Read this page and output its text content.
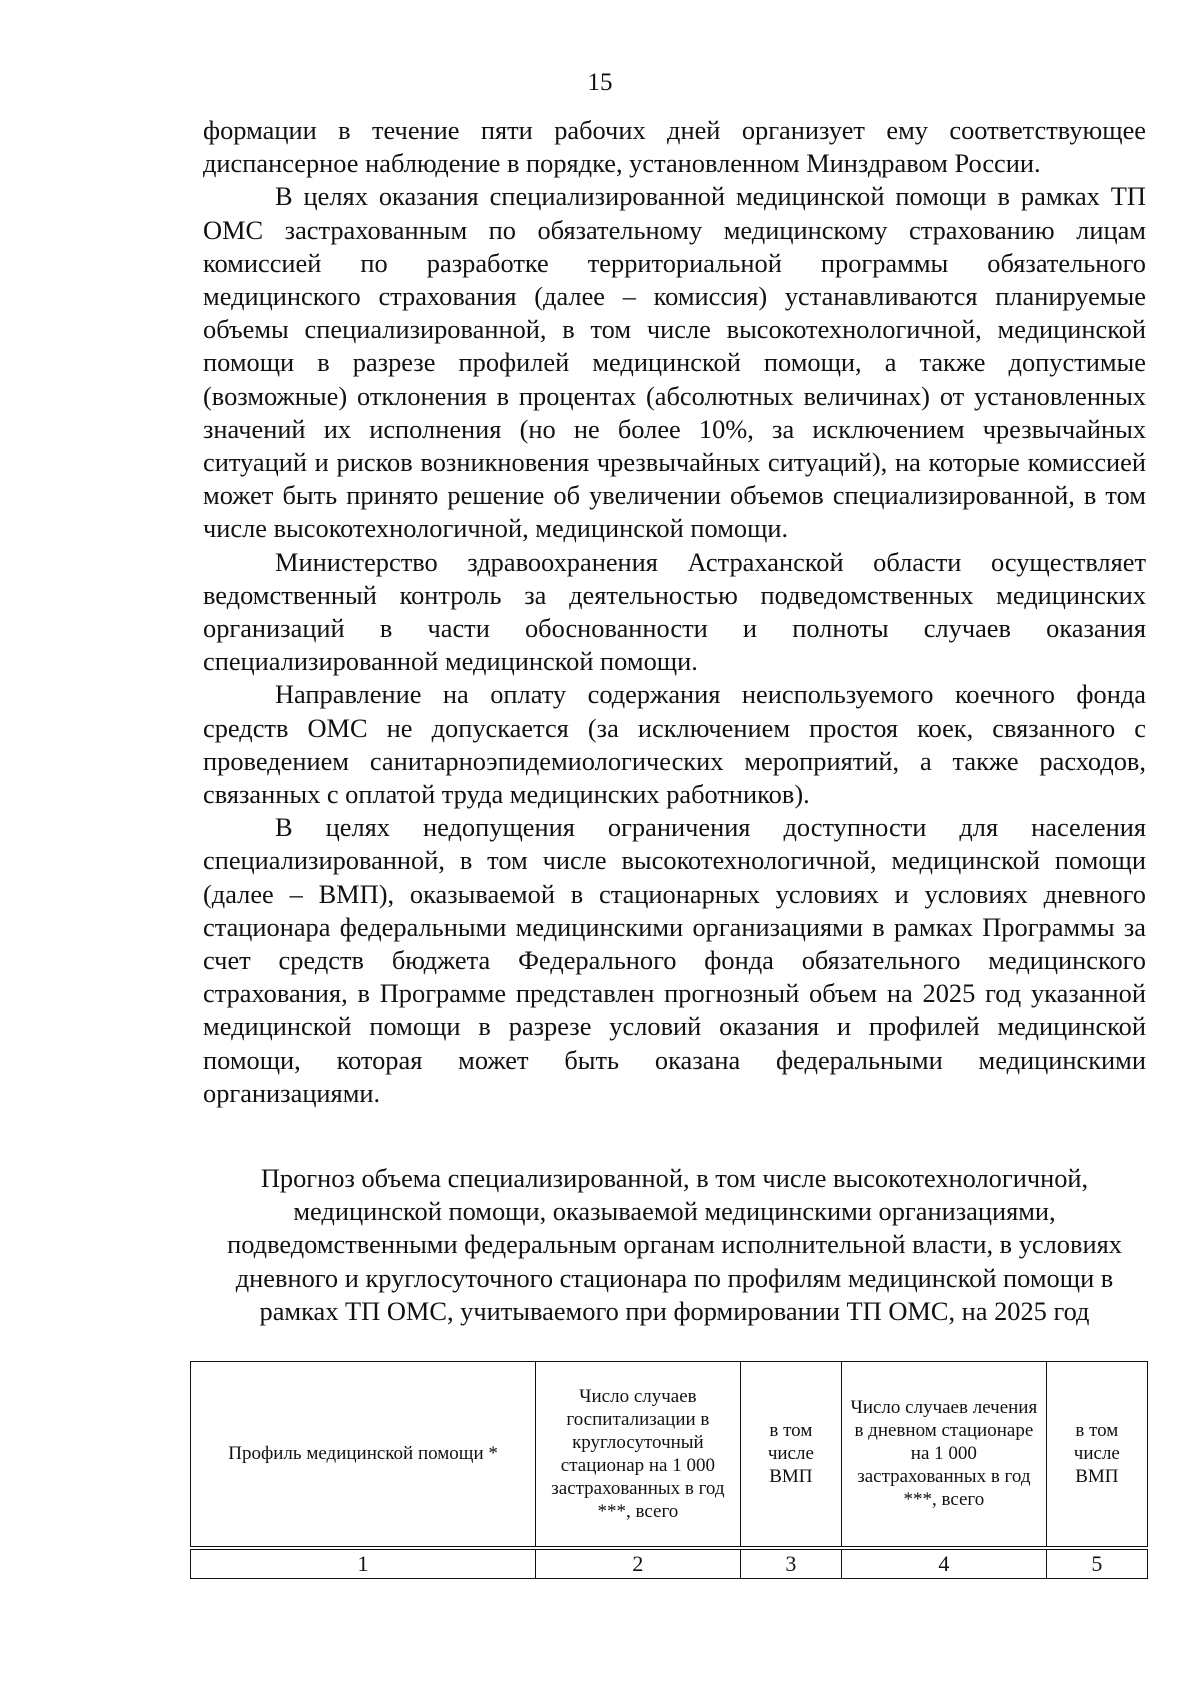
15

формации в течение пяти рабочих дней организует ему соответствующее диспансерное наблюдение в порядке, установленном Минздравом России.

В целях оказания специализированной медицинской помощи в рамках ТП ОМС застрахованным по обязательному медицинскому страхованию лицам комиссией по разработке территориальной программы обязательного медицинского страхования (далее – комиссия) устанавливаются планируемые объемы специализированной, в том числе высокотехнологичной, медицинской помощи в разрезе профилей медицинской помощи, а также допустимые (возможные) отклонения в процентах (абсолютных величинах) от установленных значений их исполнения (но не более 10%, за исключением чрезвычайных ситуаций и рисков возникновения чрезвычайных ситуаций), на которые комиссией может быть принято решение об увеличении объемов специализированной, в том числе высокотехнологичной, медицинской помощи.

Министерство здравоохранения Астраханской области осуществляет ведомственный контроль за деятельностью подведомственных медицинских организаций в части обоснованности и полноты случаев оказания специализированной медицинской помощи.

Направление на оплату содержания неиспользуемого коечного фонда средств ОМС не допускается (за исключением простоя коек, связанного с проведением санитарноэпидемиологических мероприятий, а также расходов, связанных с оплатой труда медицинских работников).

В целях недопущения ограничения доступности для населения специализированной, в том числе высокотехнологичной, медицинской помощи (далее – ВМП), оказываемой в стационарных условиях и условиях дневного стационара федеральными медицинскими организациями в рамках Программы за счет средств бюджета Федерального фонда обязательного медицинского страхования, в Программе представлен прогнозный объем на 2025 год указанной медицинской помощи в разрезе условий оказания и профилей медицинской помощи, которая может быть оказана федеральными медицинскими организациями.

Прогноз объема специализированной, в том числе высокотехнологичной, медицинской помощи, оказываемой медицинскими организациями, подведомственными федеральным органам исполнительной власти, в условиях дневного и круглосуточного стационара по профилям медицинской помощи в рамках ТП ОМС, учитываемого при формировании ТП ОМС, на 2025 год

Профиль медицинской помощи *	Число случаев госпитализации в круглосуточный стационар на 1 000 застрахованных в год ***, всего	в том числе ВМП	Число случаев лечения в дневном стационаре на 1 000 застрахованных в год ***, всего	в том числе ВМП
1	2	3	4	5
